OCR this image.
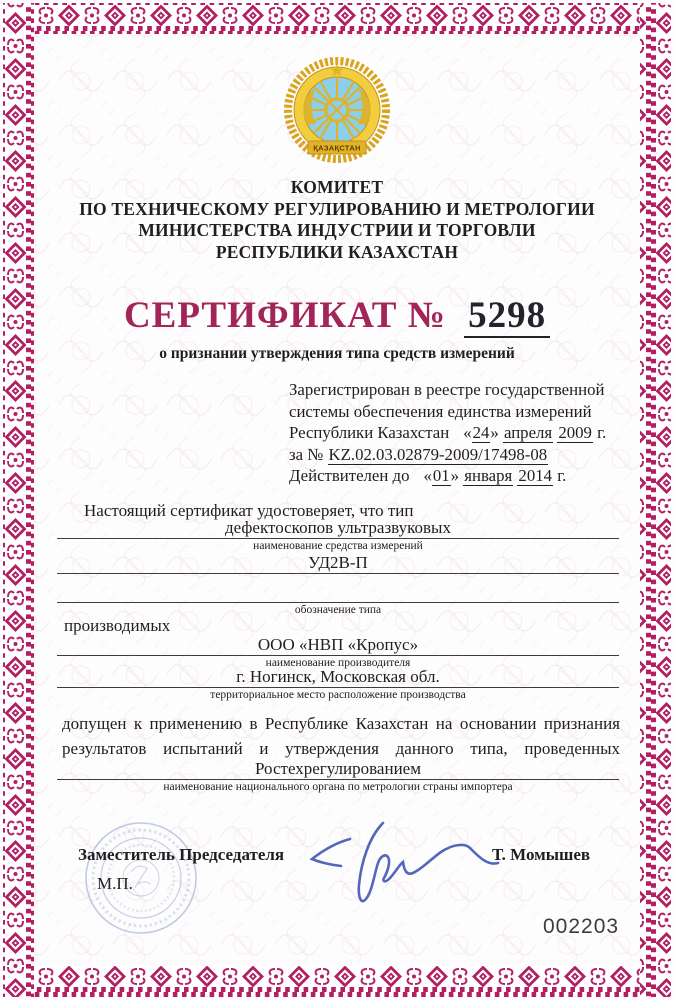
ҚАЗАҚСТАН
КОМИТЕТ
ПО ТЕХНИЧЕСКОМУ РЕГУЛИРОВАНИЮ И МЕТРОЛОГИИ
МИНИСТЕРСТВА ИНДУСТРИИ И ТОРГОВЛИ
РЕСПУБЛИКИ КАЗАХСТАН
СЕРТИФИКАТ № 5298
о признании утверждения типа средств измерений
Зарегистрирован в реестре государственной
системы обеспечения единства измерений
Республики Казахстан «24» апреля 2009 г.
за № KZ.02.03.02879-2009/17498-08
Действителен до «01» января 2014 г.
Настоящий сертификат удостоверяет, что тип
дефектоскопов ультразвуковых
наименование средства измерений
УД2В-П
обозначение типа
производимых
ООО «НВП «Кропус»
наименование производителя
г. Ногинск, Московская обл.
территориальное место расположение производства
допущен к применению в Республике Казахстан на основании признания
результатов испытаний и утверждения данного типа, проведенных
Ростехрегулированием
наименование национального органа по метрологии страны импортера
Заместитель Председателя	Т. Момышев
М.П.
002203
